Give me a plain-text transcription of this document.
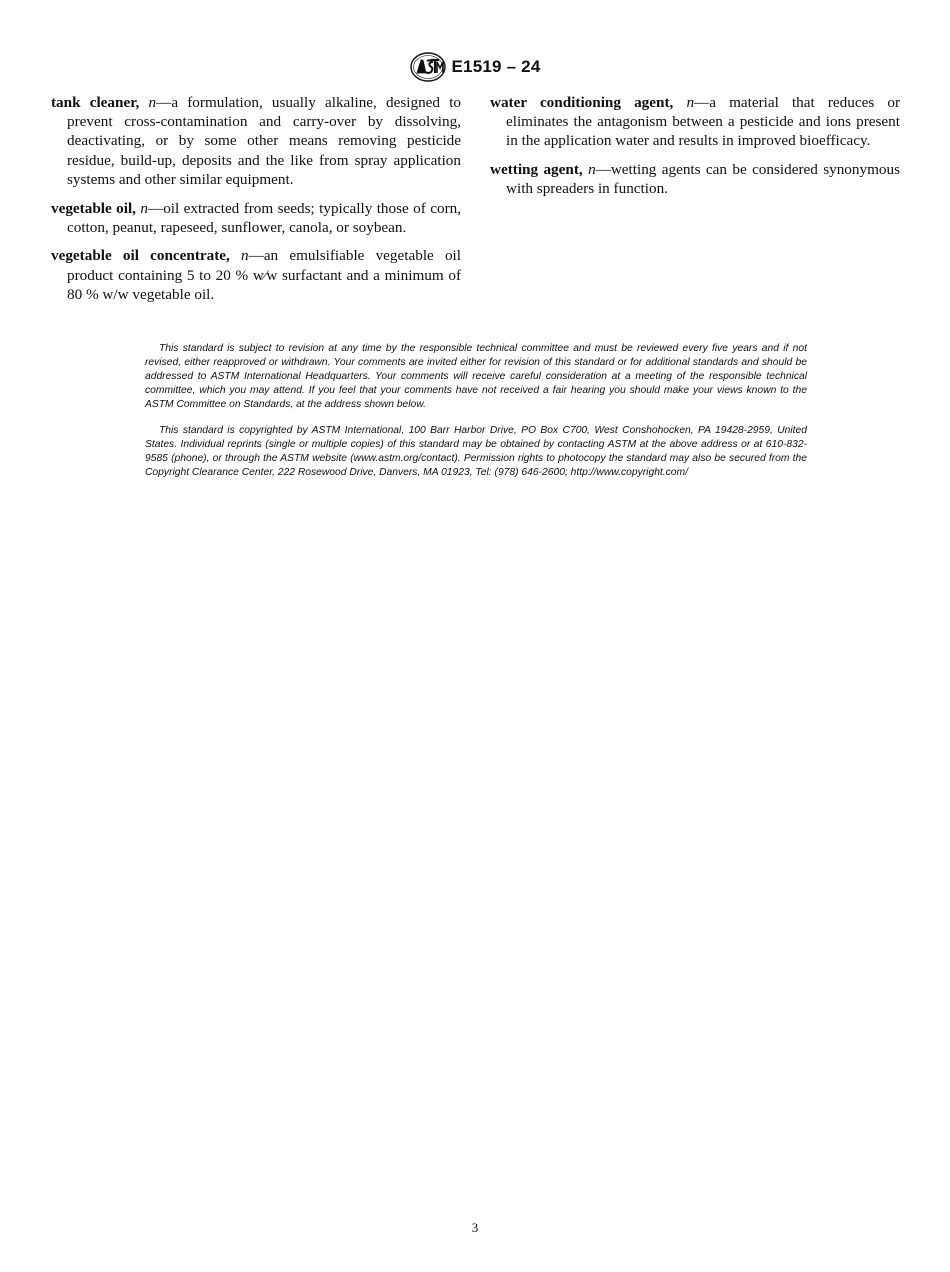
E1519 – 24

tank cleaner, n—a formulation, usually alkaline, designed to prevent cross-contamination and carry-over by dissolving, deactivating, or by some other means removing pesticide residue, build-up, deposits and the like from spray application systems and other similar equipment.

vegetable oil, n—oil extracted from seeds; typically those of corn, cotton, peanut, rapeseed, sunflower, canola, or soybean.

vegetable oil concentrate, n—an emulsifiable vegetable oil product containing 5 to 20 % w⁄w surfactant and a minimum of 80 % w/w vegetable oil.

water conditioning agent, n—a material that reduces or eliminates the antagonism between a pesticide and ions present in the application water and results in improved bioefficacy.

wetting agent, n—wetting agents can be considered synonymous with spreaders in function.

This standard is subject to revision at any time by the responsible technical committee and must be reviewed every five years and if not revised, either reapproved or withdrawn. Your comments are invited either for revision of this standard or for additional standards and should be addressed to ASTM International Headquarters. Your comments will receive careful consideration at a meeting of the responsible technical committee, which you may attend. If you feel that your comments have not received a fair hearing you should make your views known to the ASTM Committee on Standards, at the address shown below.

This standard is copyrighted by ASTM International, 100 Barr Harbor Drive, PO Box C700, West Conshohocken, PA 19428-2959, United States. Individual reprints (single or multiple copies) of this standard may be obtained by contacting ASTM at the above address or at 610-832-9585 (phone), or through the ASTM website (www.astm.org/contact). Permission rights to photocopy the standard may also be secured from the Copyright Clearance Center, 222 Rosewood Drive, Danvers, MA 01923, Tel: (978) 646-2600; http://www.copyright.com/

3
